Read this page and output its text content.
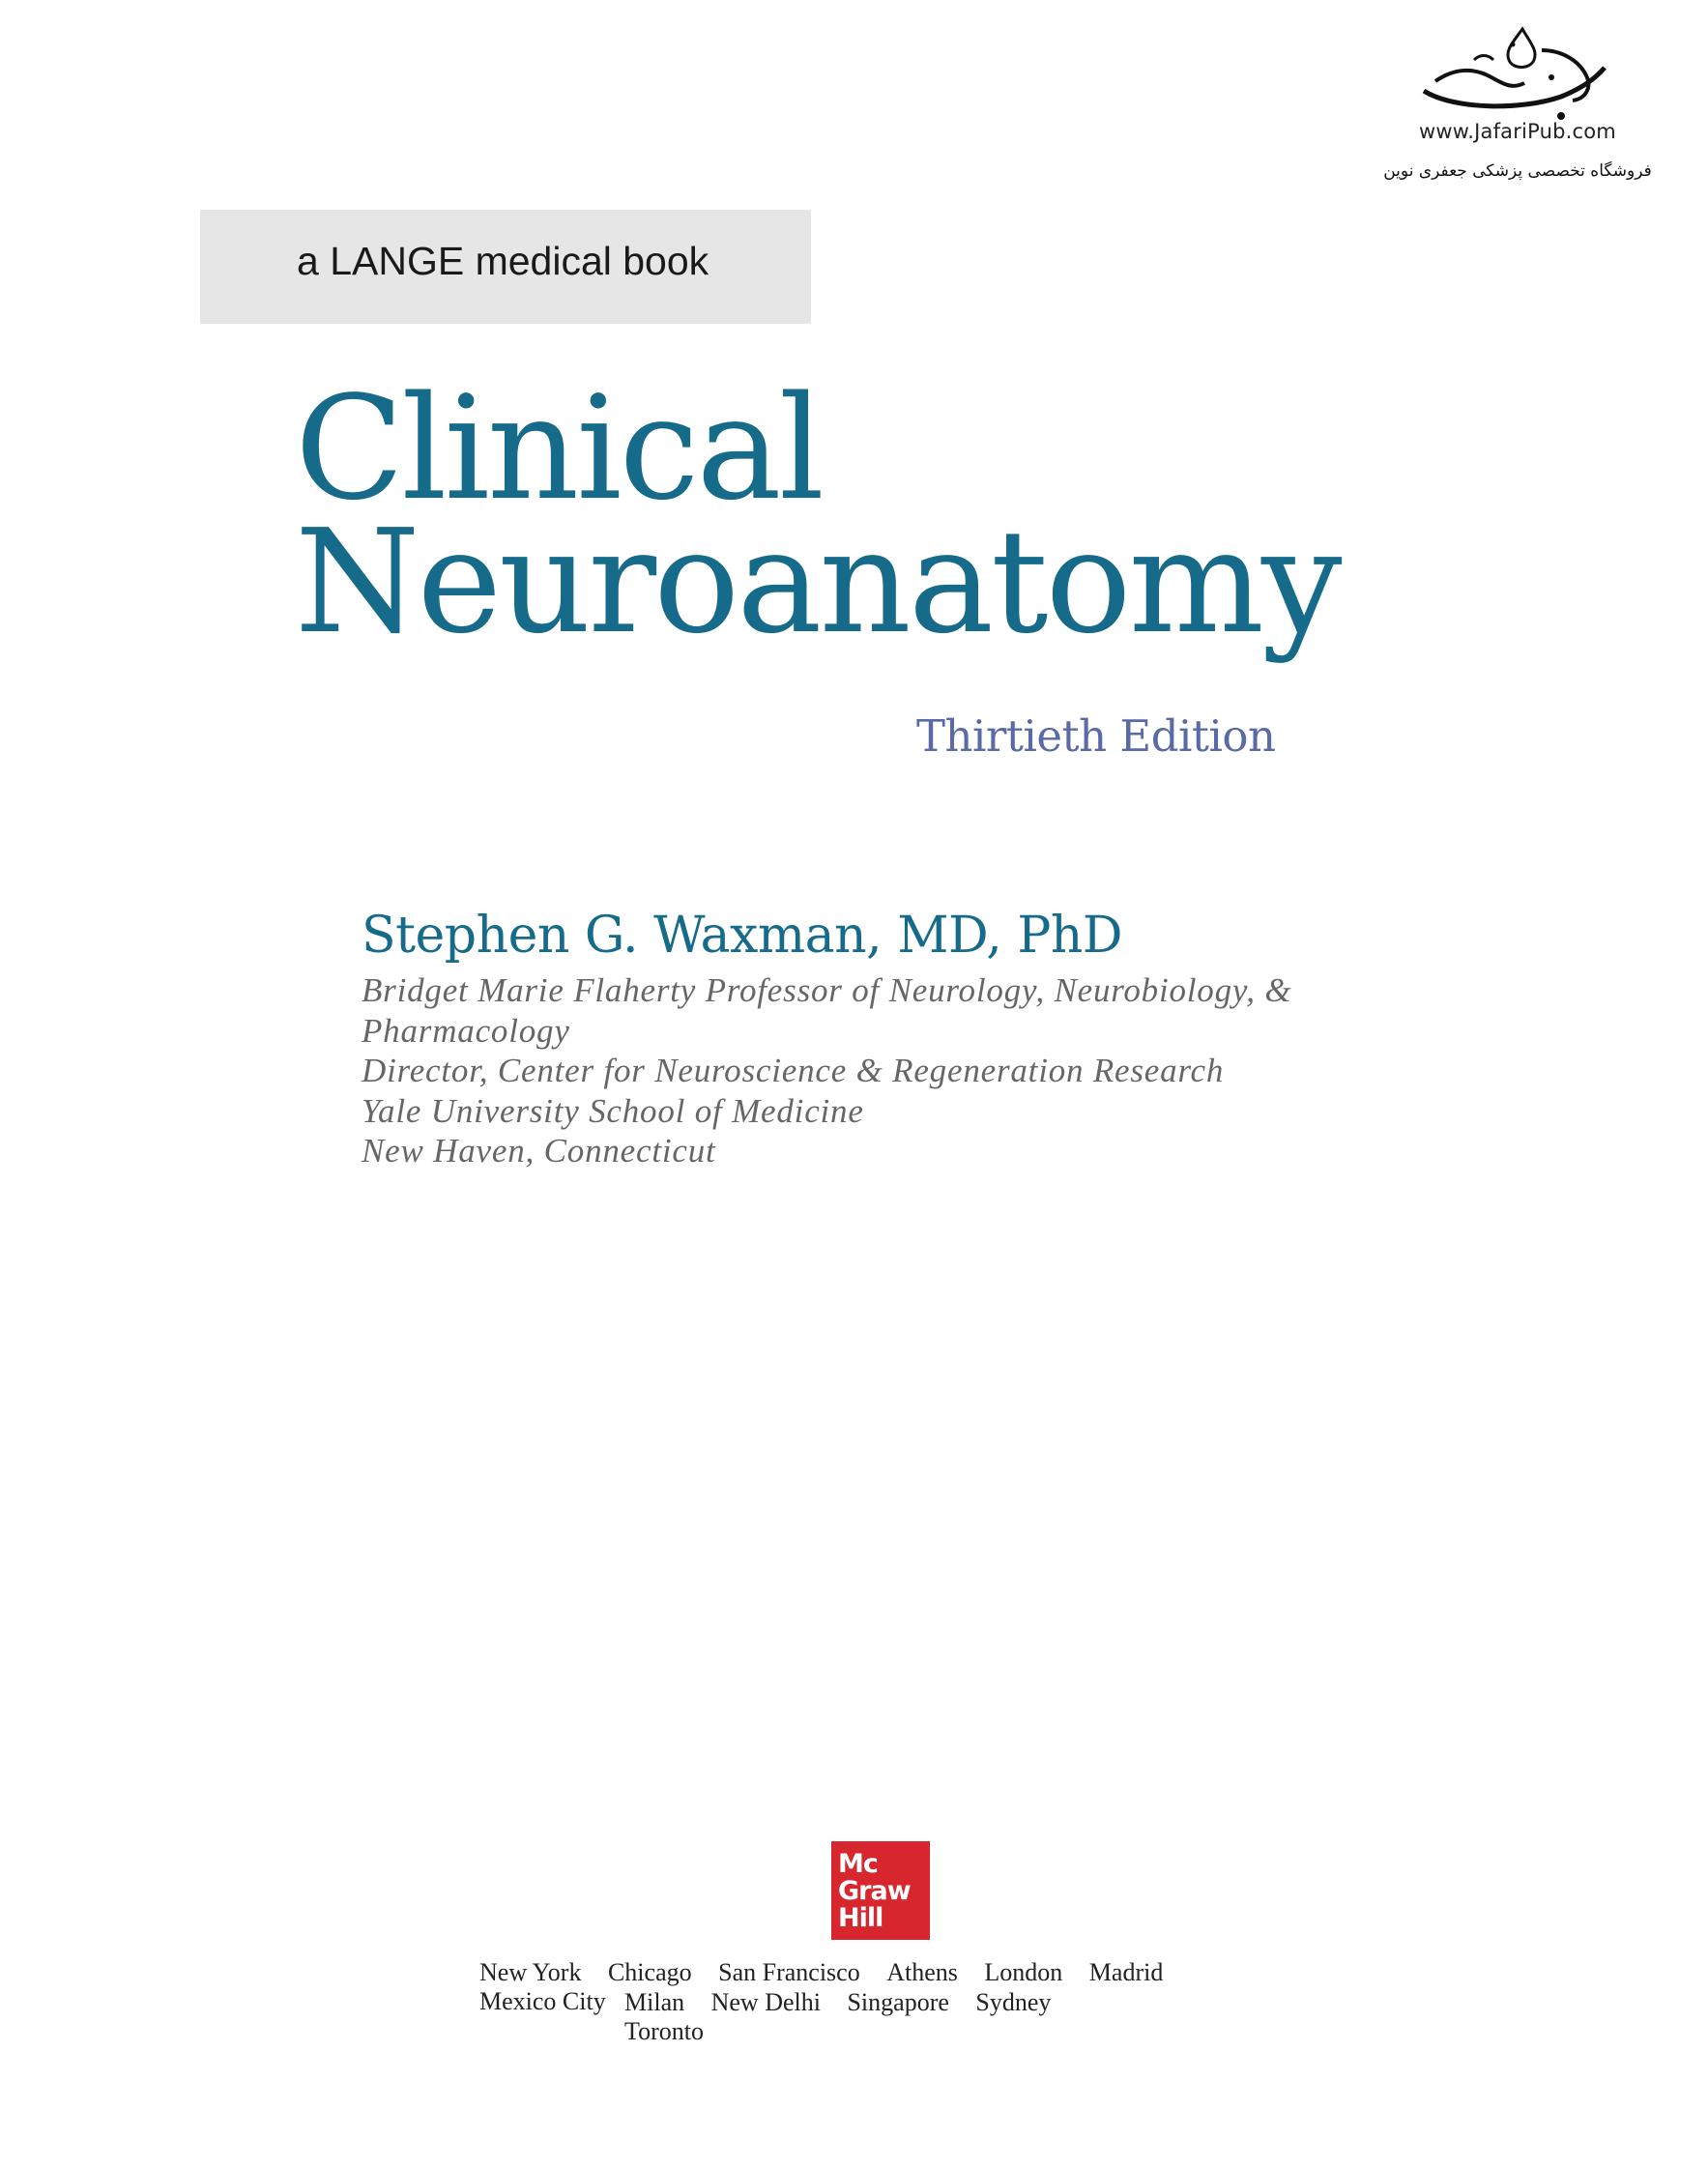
www.JafariPub.com
فروشگاه تخصصی پزشکی جعفری نوین
a LANGE medical book
Clinical
Neuroanatomy
Thirtieth Edition
Stephen G. Waxman, MD, PhD
Bridget Marie Flaherty Professor of Neurology, Neurobiology, &
Pharmacology
Director, Center for Neuroscience & Regeneration Research
Yale University School of Medicine
New Haven, Connecticut
Mc
Graw
Hill
New York Chicago San Francisco Athens London Madrid Mexico City Milan New Delhi Singapore Sydney Toronto
